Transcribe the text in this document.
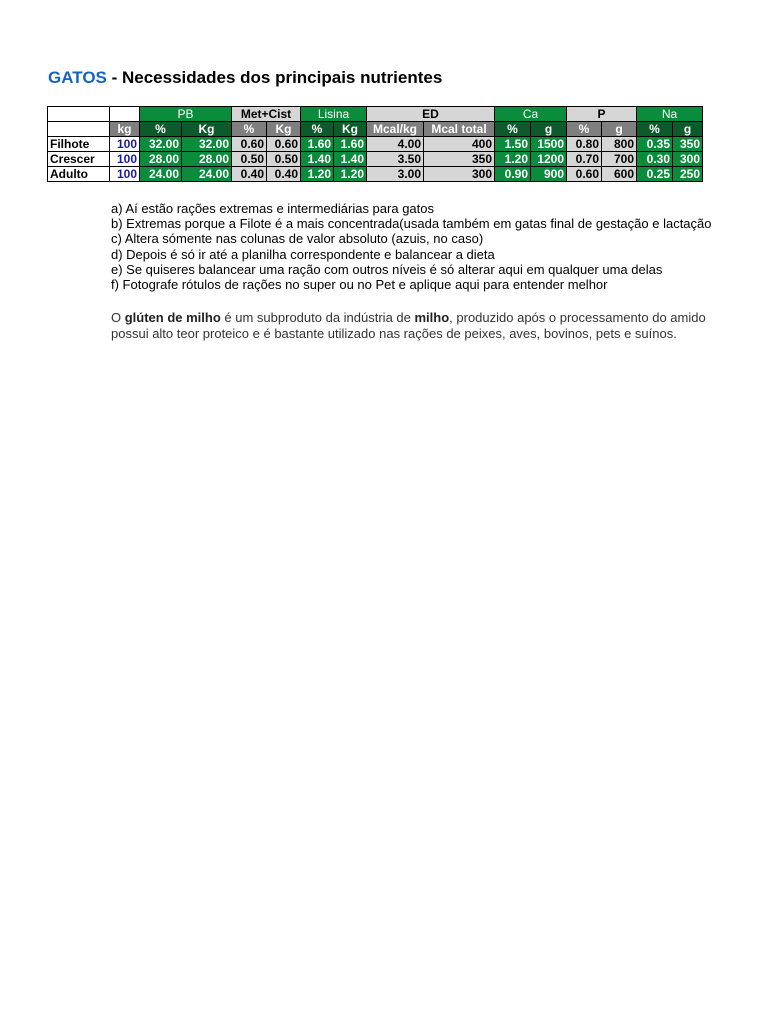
GATOS - Necessidades dos principais nutrientes
		PB		Met+Cist		Lisina		ED		Ca		P		Na	
	kg	%	Kg	%	Kg	%	Kg	Mcal/kg	Mcal total	%	g	%	g	%	g
Filhote	100	32.00	32.00	0.60	0.60	1.60	1.60	4.00	400	1.50	1500	0.80	800	0.35	350
Crescer	100	28.00	28.00	0.50	0.50	1.40	1.40	3.50	350	1.20	1200	0.70	700	0.30	300
Adulto	100	24.00	24.00	0.40	0.40	1.20	1.20	3.00	300	0.90	900	0.60	600	0.25	250
a) Aí estão rações extremas e intermediárias para gatos
b) Extremas porque a Filote é a mais concentrada(usada também em gatas final de gestação e lactação
c) Altera sómente nas colunas de valor absoluto (azuis, no caso)
d) Depois é só ir até a planilha correspondente e balancear a dieta
e) Se quiseres balancear uma ração com outros níveis é só alterar aqui em qualquer uma delas
f) Fotografe rótulos de rações no super ou no Pet e aplique aqui para entender melhor
O glúten de milho é um subproduto da indústria de milho, produzido após o processamento do amido
possui alto teor proteico e é bastante utilizado nas rações de peixes, aves, bovinos, pets e suínos.
